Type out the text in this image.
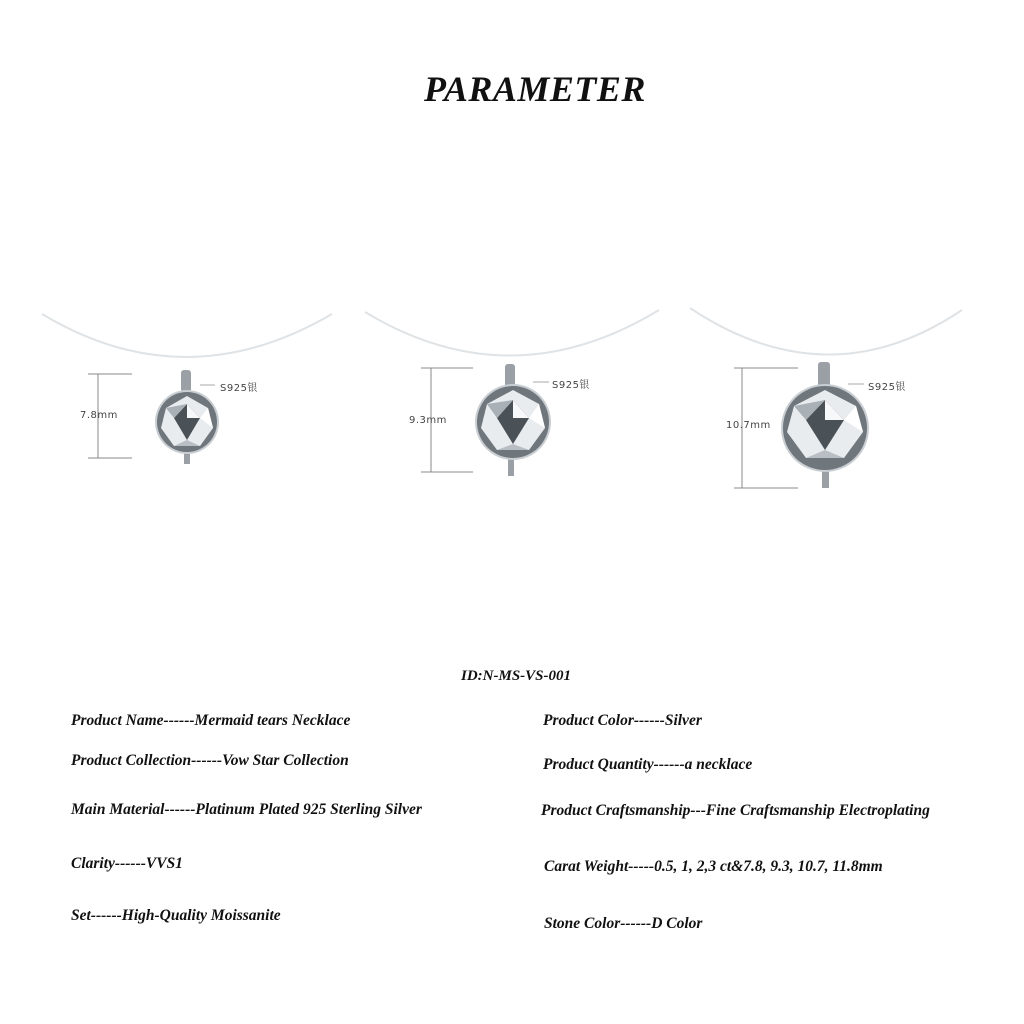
PARAMETER
7.8mm
S925银
9.3mm
S925银
10.7mm
S925银
ID:N-MS-VS-001
Product Name------Mermaid tears Necklace
Product Collection------Vow Star Collection
Main Material------Platinum Plated 925 Sterling Silver
Clarity------VVS1
Set------High-Quality Moissanite
Product Color------Silver
Product Quantity------a necklace
Product Craftsmanship---Fine Craftsmanship Electroplating
Carat Weight-----0.5, 1, 2,3 ct&7.8, 9.3, 10.7, 11.8mm
Stone Color------D Color
